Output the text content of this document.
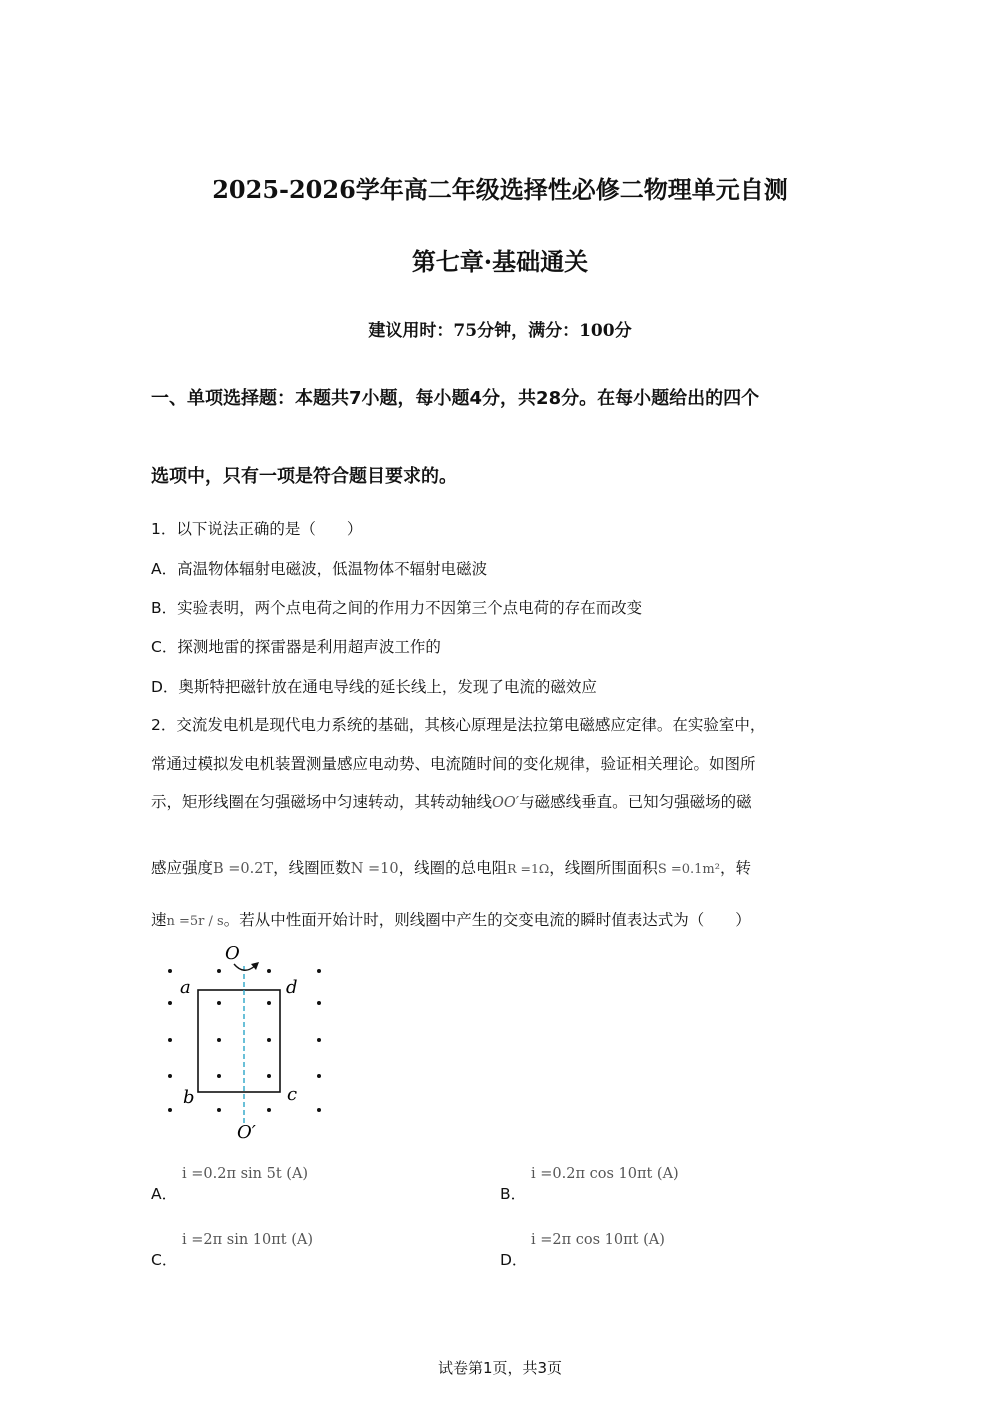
2025-2026学年高二年级选择性必修二物理单元自测
第七章·基础通关
建议用时：75分钟，满分：100分
一、单项选择题：本题共7小题，每小题4分，共28分。在每小题给出的四个
选项中，只有一项是符合题目要求的。
1．以下说法正确的是（　　）
A．高温物体辐射电磁波，低温物体不辐射电磁波
B．实验表明，两个点电荷之间的作用力不因第三个点电荷的存在而改变
C．探测地雷的探雷器是利用超声波工作的
D．奥斯特把磁针放在通电导线的延长线上，发现了电流的磁效应
2．交流发电机是现代电力系统的基础，其核心原理是法拉第电磁感应定律。在实验室中，
常通过模拟发电机装置测量感应电动势、电流随时间的变化规律，验证相关理论。如图所
示，矩形线圈在匀强磁场中匀速转动，其转动轴线OO′与磁感线垂直。已知匀强磁场的磁
感应强度B =0.2T，线圈匝数N =10，线圈的总电阻R =1Ω，线圈所围面积S =0.1m²，转
速n =5r / s。若从中性面开始计时，则线圈中产生的交变电流的瞬时值表达式为（　　）
O
O′
a	d
b	c
A．
i =0.2π sin 5t (A)
B．
i =0.2π cos 10πt (A)
C．
i =2π sin 10πt (A)
D．
i =2π cos 10πt (A)
试卷第1页，共3页
